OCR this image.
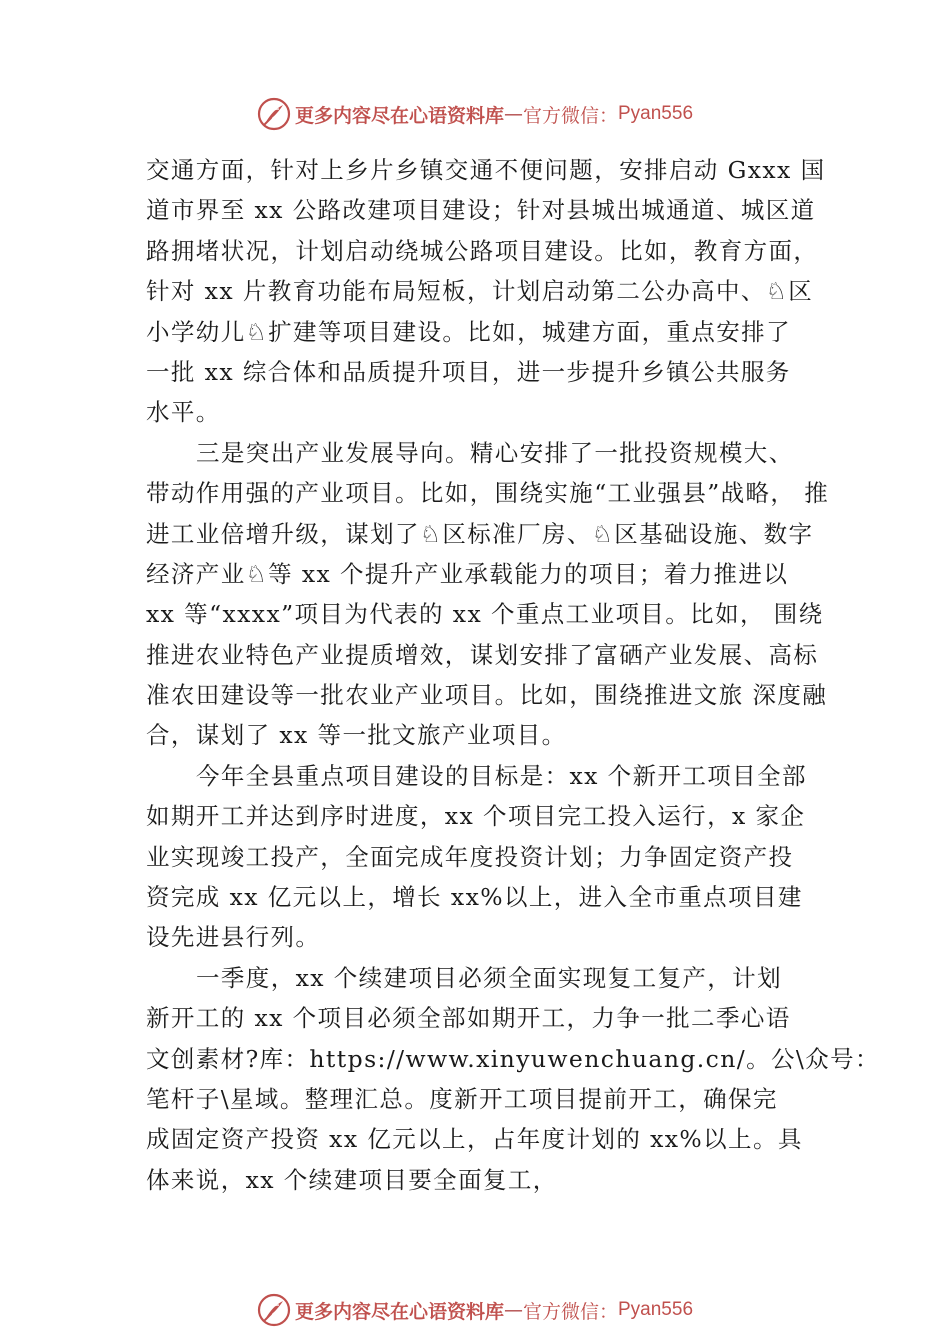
更多内容尽在心语资料库 — 官方微信： Pyan556
交通方面，针对上乡片乡镇交通不便问题，安排启动 Gxxx 国
道市界至 xx 公路改建项目建设；针对县城出城通道、城区道
路拥堵状况，计划启动绕城公路项目建设。比如，教育方面，
针对 xx 片教育功能布局短板，计划启动第二公办高中、♘区
小学幼儿♘扩建等项目建设。比如，城建方面，重点安排了
一批 xx 综合体和品质提升项目，进一步提升乡镇公共服务
水平。
三是突出产业发展导向。精心安排了一批投资规模大、
带动作用强的产业项目。比如，围绕实施“工业强县”战略， 推
进工业倍增升级，谋划了♘区标准厂房、♘区基础设施、数字
经济产业♘等 xx 个提升产业承载能力的项目；着力推进以
xx 等“xxxx”项目为代表的 xx 个重点工业项目。比如， 围绕
推进农业特色产业提质增效，谋划安排了富硒产业发展、高标
准农田建设等一批农业产业项目。比如，围绕推进文旅 深度融
合，谋划了 xx 等一批文旅产业项目。
今年全县重点项目建设的目标是：xx 个新开工项目全部
如期开工并达到序时进度，xx 个项目完工投入运行，x 家企
业实现竣工投产，全面完成年度投资计划；力争固定资产投
资完成 xx 亿元以上，增长 xx%以上，进入全市重点项目建
设先进县行列。
一季度，xx 个续建项目必须全面实现复工复产，计划
新开工的 xx 个项目必须全部如期开工，力争一批二季心语
文创素材?库：https://www.xinyuwenchuang.cn/。公\众号：
笔杆子\星域。整理汇总。度新开工项目提前开工，确保完
成固定资产投资 xx 亿元以上，占年度计划的 xx%以上。具
体来说，xx 个续建项目要全面复工，
更多内容尽在心语资料库 — 官方微信： Pyan556
